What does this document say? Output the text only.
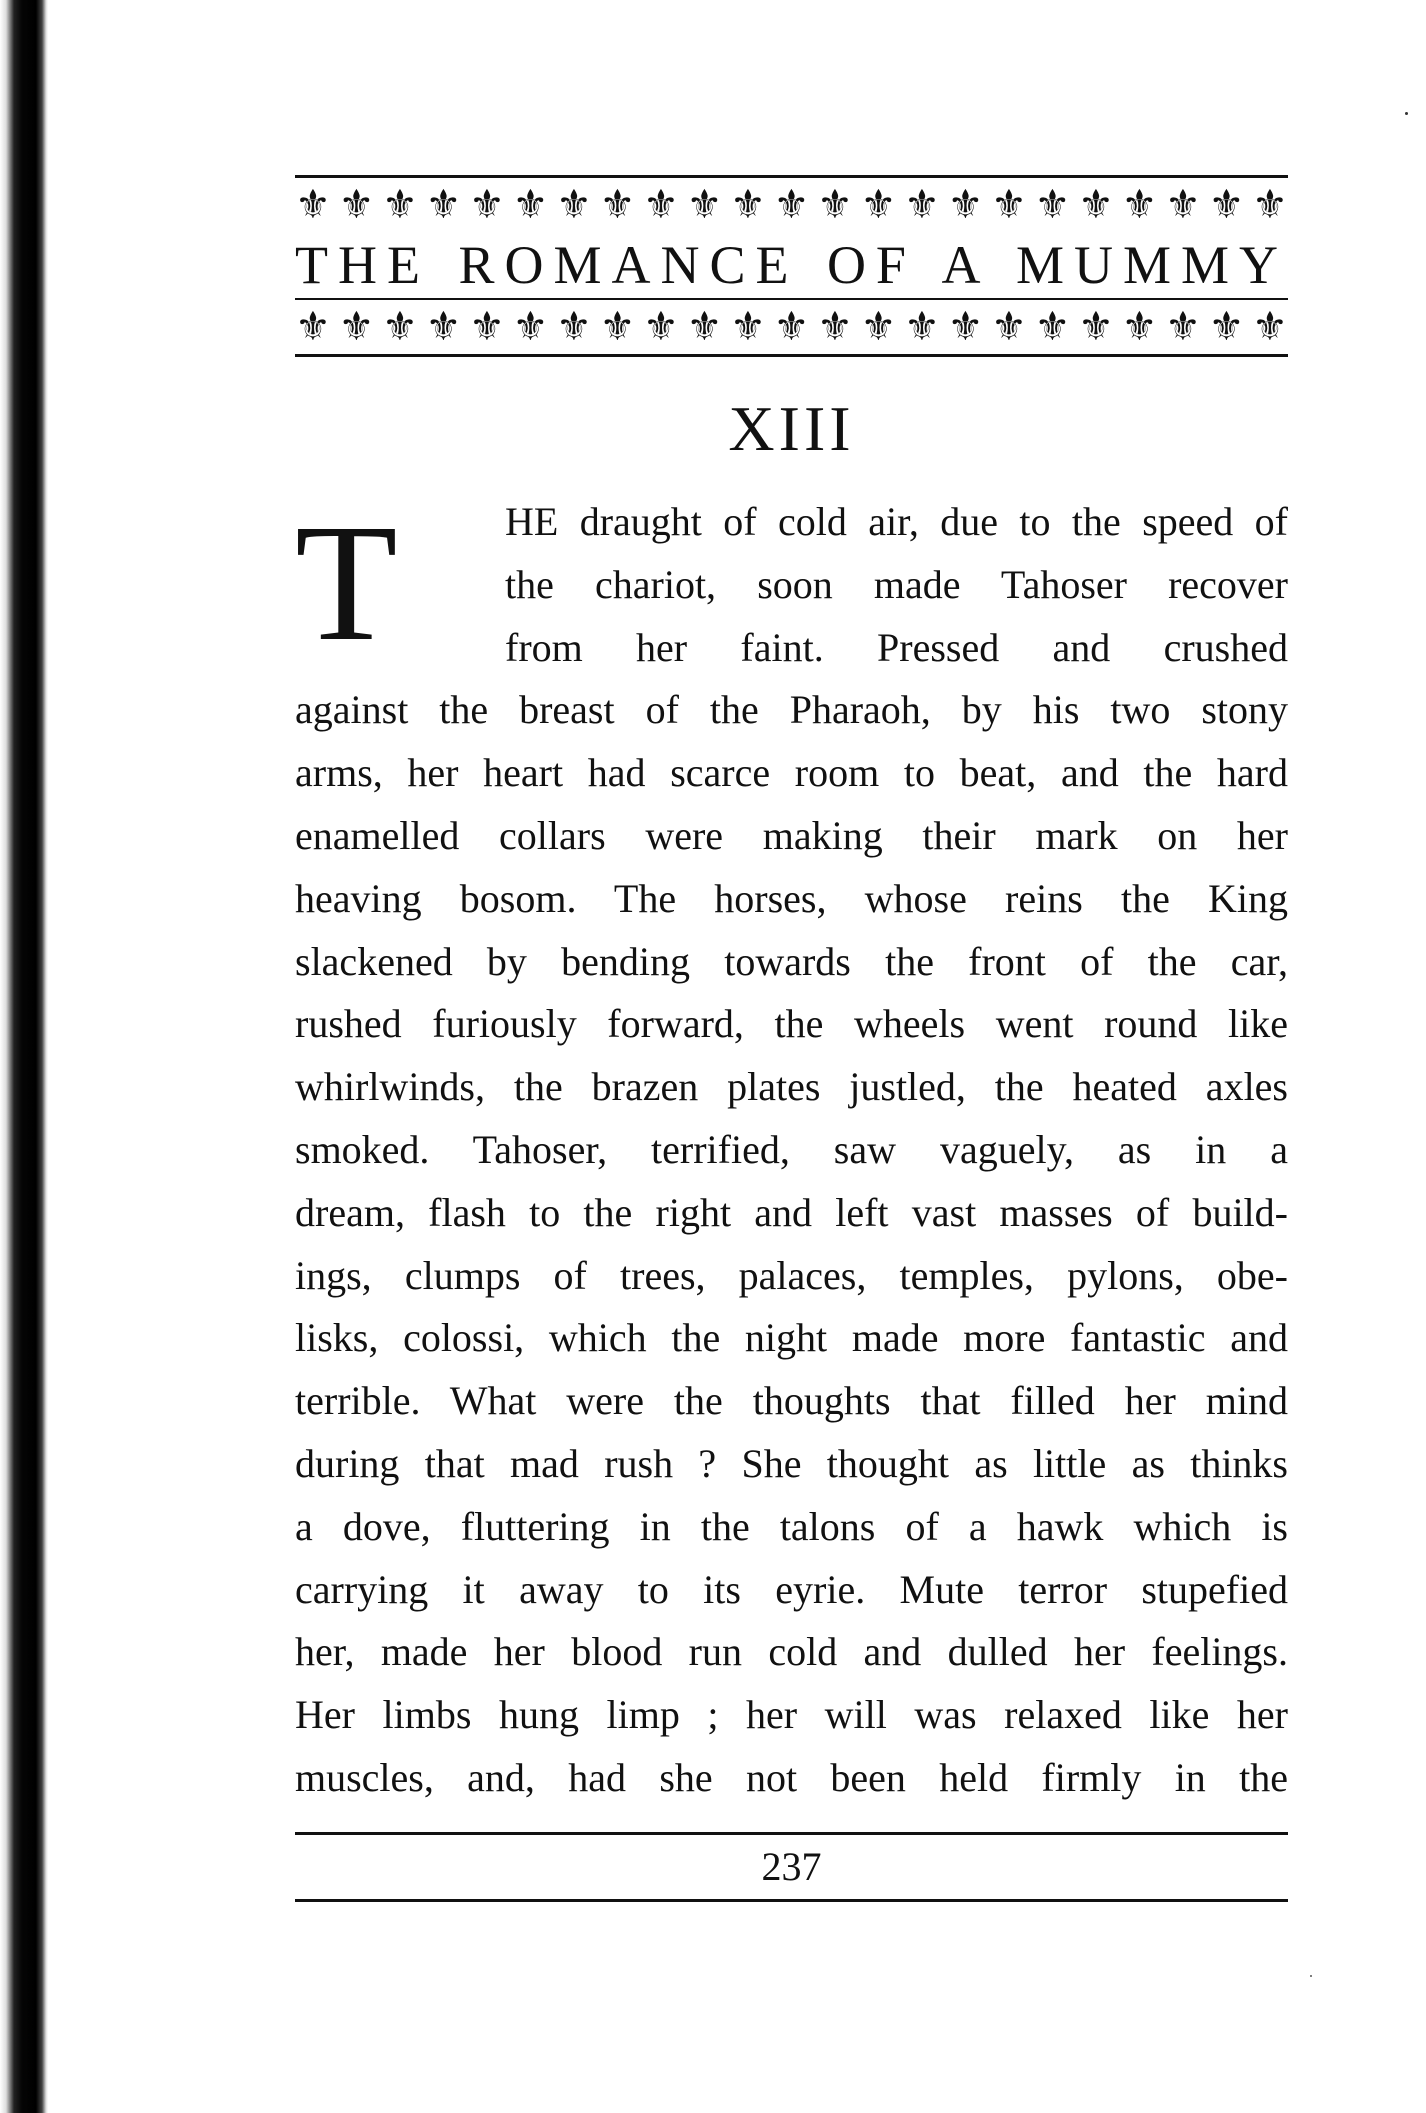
⚜ ⚜ ⚜ ⚜ ⚜ ⚜ ⚜ ⚜ ⚜ ⚜ ⚜ ⚜ ⚜ ⚜ ⚜ ⚜ ⚜ ⚜ ⚜ ⚜ ⚜ ⚜ ⚜
THE ROMANCE OF A MUMMY
⚜ ⚜ ⚜ ⚜ ⚜ ⚜ ⚜ ⚜ ⚜ ⚜ ⚜ ⚜ ⚜ ⚜ ⚜ ⚜ ⚜ ⚜ ⚜ ⚜ ⚜ ⚜ ⚜
XIII
T	HE draught of cold air, due to the speed of
the chariot, soon made Tahoser recover
from her faint. Pressed and crushed
against the breast of the Pharaoh, by his two stony
arms, her heart had scarce room to beat, and the hard
enamelled collars were making their mark on her
heaving bosom. The horses, whose reins the King
slackened by bending towards the front of the car,
rushed furiously forward, the wheels went round like
whirlwinds, the brazen plates justled, the heated axles
smoked. Tahoser, terrified, saw vaguely, as in a
dream, flash to the right and left vast masses of build-
ings, clumps of trees, palaces, temples, pylons, obe-
lisks, colossi, which the night made more fantastic and
terrible. What were the thoughts that filled her mind
during that mad rush ? She thought as little as thinks
a dove, fluttering in the talons of a hawk which is
carrying it away to its eyrie. Mute terror stupefied
her, made her blood run cold and dulled her feelings.
Her limbs hung limp ; her will was relaxed like her
muscles, and, had she not been held firmly in the
237
